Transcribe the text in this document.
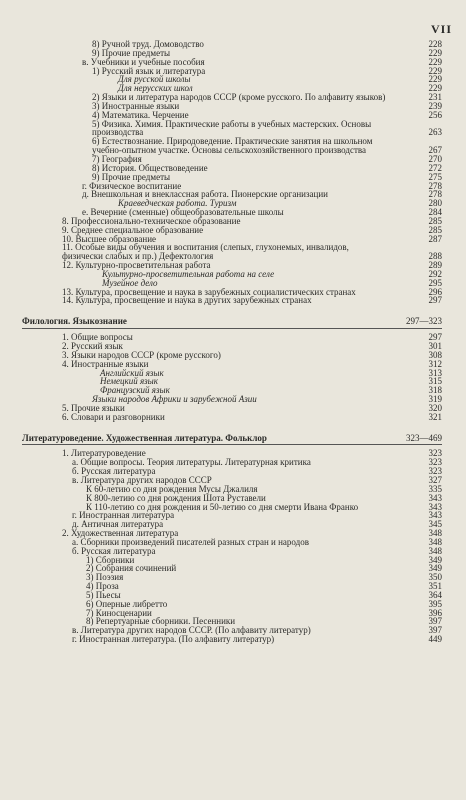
VII
8) Ручной труд. Домоводство	228
9) Прочие предметы	229
в. Учебники и учебные пособия	229
1) Русский язык и литература	229
Для русской школы	229
Для нерусских школ	229
2) Языки и литература народов СССР (кроме русского. По алфавиту языков)	231
3) Иностранные языки	239
4) Математика. Черчение	256
5) Физика. Химия. Практические работы в учебных мастерских. Основы производства	263
6) Естествознание. Природоведение. Практические занятия на школьном учебно-опытном участке. Основы сельскохозяйственного производства	267
7) География	270
8) История. Обществоведение	272
9) Прочие предметы	275
г. Физическое воспитание	278
д. Внешкольная и внеклассная работа. Пионерские организации	278
Краеведческая работа. Туризм	280
е. Вечерние (сменные) общеобразовательные школы	284
8. Профессионально-техническое образование	285
9. Среднее специальное образование	285
10. Высшее образование	287
11. Особые виды обучения и воспитания (слепых, глухонемых, инвалидов, физически слабых и пр.) Дефектология	288
12. Культурно-просветительная работа	289
Культурно-просветительная работа на селе	292
Музейное дело	295
13. Культура, просвещение и наука в зарубежных социалистических странах	296
14. Культура, просвещение и наука в других зарубежных странах	297
Филология. Языкознание	297—323
1. Общие вопросы	297
2. Русский язык	301
3. Языки народов СССР (кроме русского)	308
4. Иностранные языки	312
Английский язык	313
Немецкий язык	315
Французский язык	318
Языки народов Африки и зарубежной Азии	319
5. Прочие языки	320
6. Словари и разговорники	321
Литературоведение. Художественная литература. Фольклор	323—469
1. Литературоведение	323
а. Общие вопросы. Теория литературы. Литературная критика	323
б. Русская литература	323
в. Литература других народов СССР	327
К 60-летию со дня рождения Мусы Джалиля	335
К 800-летию со дня рождения Шота Руставели	343
К 110-летию со дня рождения и 50-летию со дня смерти Ивана Франко	343
г. Иностранная литература	343
д. Античная литература	345
2. Художественная литература	348
а. Сборники произведений писателей разных стран и народов	348
б. Русская литература	348
1) Сборники	349
2) Собрания сочинений	349
3) Поэзия	350
4) Проза	351
5) Пьесы	364
6) Оперные либретто	395
7) Киносценарии	396
8) Репертуарные сборники. Песенники	397
в. Литература других народов СССР. (По алфавиту литератур)	397
г. Иностранная литература. (По алфавиту литератур)	449
